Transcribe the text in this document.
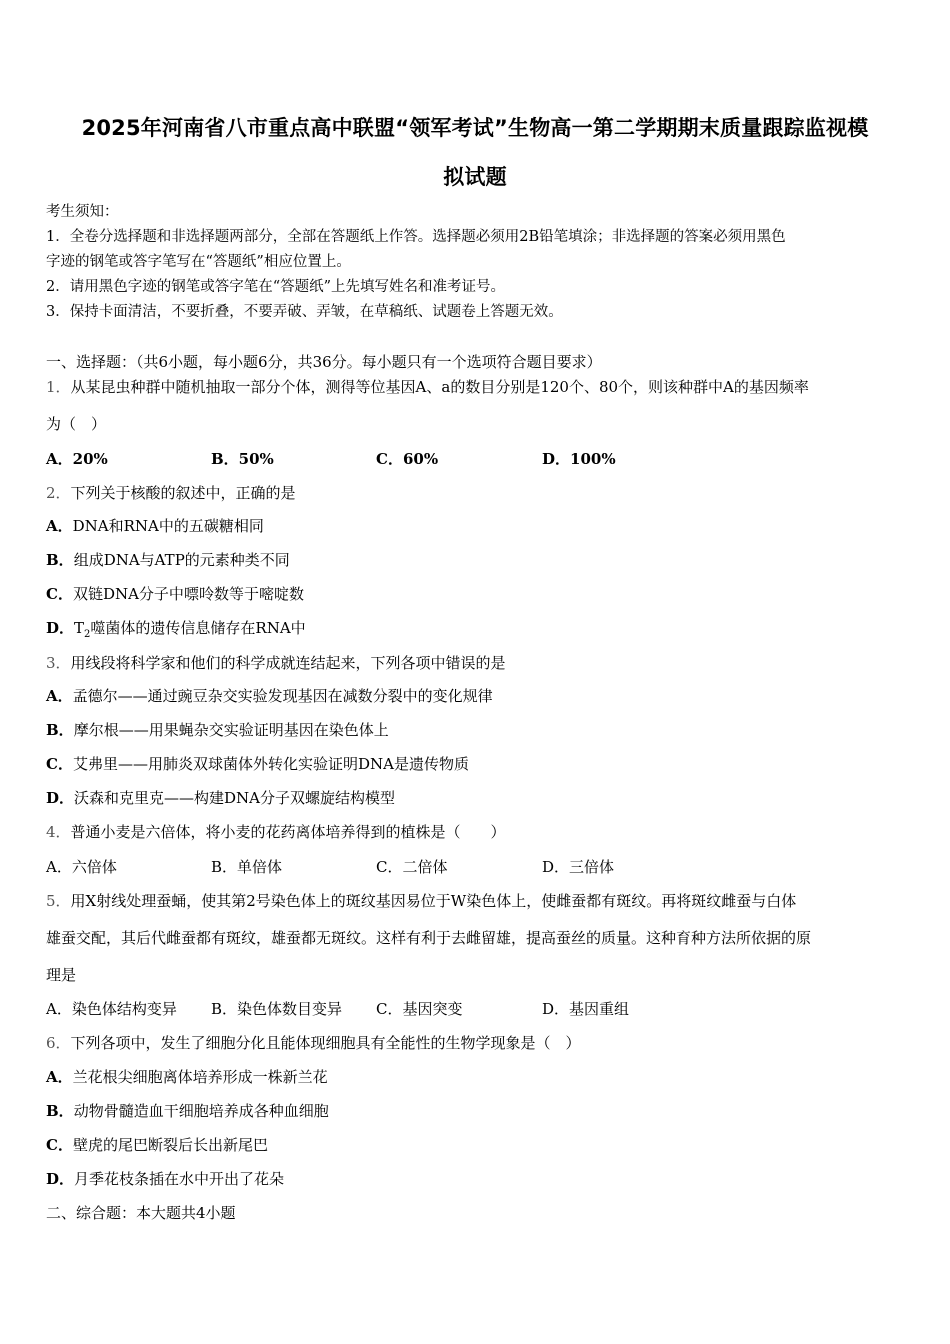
2025年河南省八市重点高中联盟“领军考试”生物高一第二学期期末质量跟踪监视模
拟试题
考生须知：
1．全卷分选择题和非选择题两部分，全部在答题纸上作答。选择题必须用2B铅笔填涂；非选择题的答案必须用黑色
字迹的钢笔或答字笔写在“答题纸”相应位置上。
2．请用黑色字迹的钢笔或答字笔在“答题纸”上先填写姓名和准考证号。
3．保持卡面清洁，不要折叠，不要弄破、弄皱，在草稿纸、试题卷上答题无效。
一、选择题：（共6小题，每小题6分，共36分。每小题只有一个选项符合题目要求）
1．从某昆虫种群中随机抽取一部分个体，测得等位基因A、a的数目分别是120个、80个，则该种群中A的基因频率
为（　）
A．20%	B．50%	C．60%	D．100%
2．下列关于核酸的叙述中，正确的是
A．DNA和RNA中的五碳糖相同
B．组成DNA与ATP的元素种类不同
C．双链DNA分子中嘌呤数等于嘧啶数
D．$T_2$噬菌体的遗传信息储存在RNA中
3．用线段将科学家和他们的科学成就连结起来，下列各项中错误的是
A．孟德尔——通过豌豆杂交实验发现基因在减数分裂中的变化规律
B．摩尔根——用果蝇杂交实验证明基因在染色体上
C．艾弗里——用肺炎双球菌体外转化实验证明DNA是遗传物质
D．沃森和克里克——构建DNA分子双螺旋结构模型
4．普通小麦是六倍体，将小麦的花药离体培养得到的植株是（　　）
A．六倍体	B．单倍体	C．二倍体	D．三倍体
5．用X射线处理蚕蛹，使其第2号染色体上的斑纹基因易位于W染色体上，使雌蚕都有斑纹。再将斑纹雌蚕与白体
雄蚕交配，其后代雌蚕都有斑纹，雄蚕都无斑纹。这样有利于去雌留雄，提高蚕丝的质量。这种育种方法所依据的原
理是
A．染色体结构变异 B．染色体数目变异 C．基因突变	D．基因重组
6．下列各项中，发生了细胞分化且能体现细胞具有全能性的生物学现象是（　）
A．兰花根尖细胞离体培养形成一株新兰花
B．动物骨髓造血干细胞培养成各种血细胞
C．壁虎的尾巴断裂后长出新尾巴
D．月季花枝条插在水中开出了花朵
二、综合题：本大题共4小题
